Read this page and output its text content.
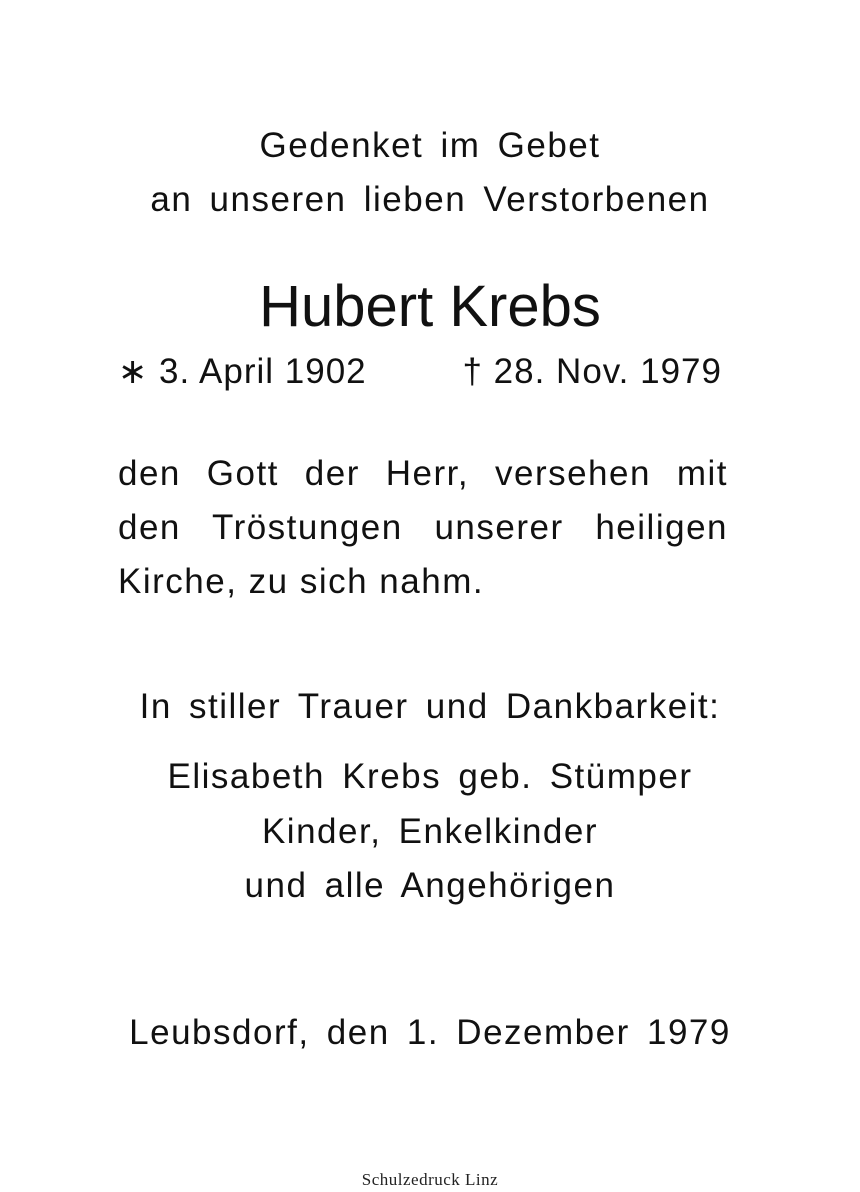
Gedenket im Gebet
an unseren lieben Verstorbenen
Hubert Krebs
∗ 3. April 1902	† 28. Nov. 1979
den Gott der Herr, versehen mit
den Tröstungen unserer heiligen
Kirche, zu sich nahm.
In stiller Trauer und Dankbarkeit:
Elisabeth Krebs geb. Stümper
Kinder, Enkelkinder
und alle Angehörigen
Leubsdorf, den 1. Dezember 1979
Schulzedruck Linz
